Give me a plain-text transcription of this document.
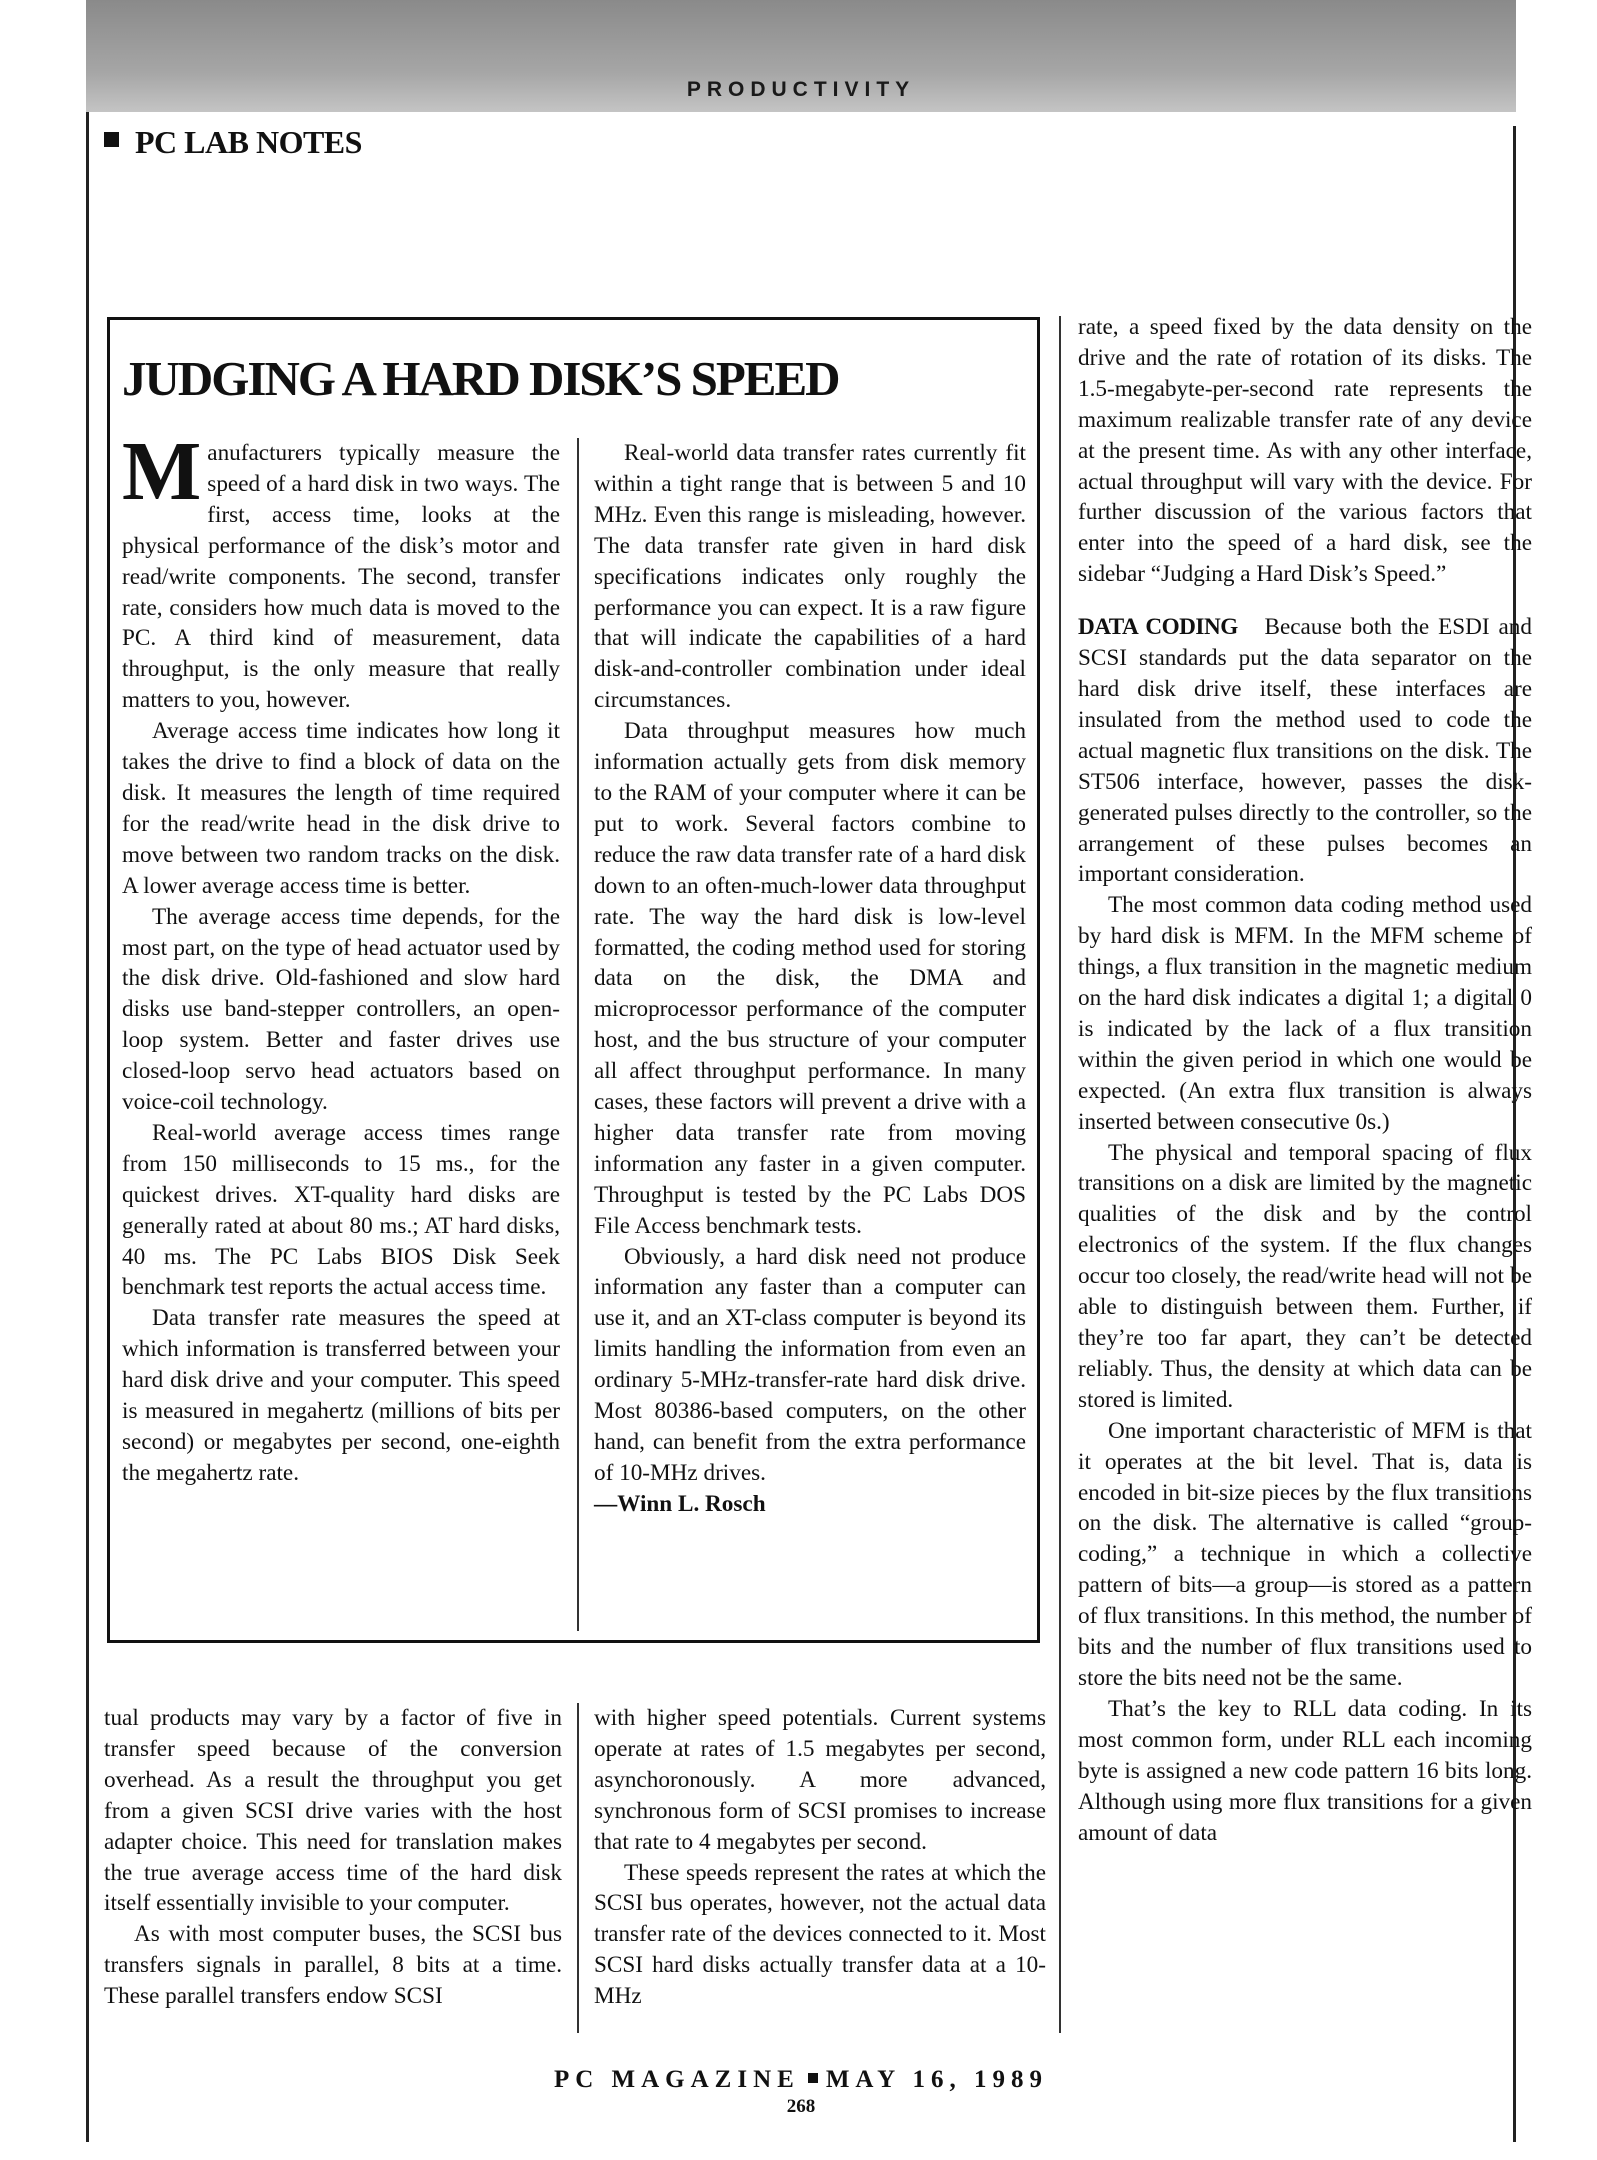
PRODUCTIVITY
PC LAB NOTES
JUDGING A HARD DISK’S SPEED

Manufacturers typically measure the speed of a hard disk in two ways. The first, access time, looks at the physical performance of the disk’s motor and read/write components. The second, transfer rate, considers how much data is moved to the PC. A third kind of measurement, data throughput, is the only measure that really matters to you, however.

Average access time indicates how long it takes the drive to find a block of data on the disk. It measures the length of time required for the read/write head in the disk drive to move between two random tracks on the disk. A lower average access time is better.

The average access time depends, for the most part, on the type of head actuator used by the disk drive. Old-fashioned and slow hard disks use band-stepper controllers, an open-loop system. Better and faster drives use closed-loop servo head actuators based on voice-coil technology.

Real-world average access times range from 150 milliseconds to 15 ms., for the quickest drives. XT-quality hard disks are generally rated at about 80 ms.; AT hard disks, 40 ms. The PC Labs BIOS Disk Seek benchmark test reports the actual access time.

Data transfer rate measures the speed at which information is transferred between your hard disk drive and your computer. This speed is measured in megahertz (millions of bits per second) or megabytes per second, one-eighth the megahertz rate.

Real-world data transfer rates currently fit within a tight range that is between 5 and 10 MHz. Even this range is misleading, however. The data transfer rate given in hard disk specifications indicates only roughly the performance you can expect. It is a raw figure that will indicate the capabilities of a hard disk-and-controller combination under ideal circumstances.

Data throughput measures how much information actually gets from disk memory to the RAM of your computer where it can be put to work. Several factors combine to reduce the raw data transfer rate of a hard disk down to an often-much-lower data throughput rate. The way the hard disk is low-level formatted, the coding method used for storing data on the disk, the DMA and microprocessor performance of the computer host, and the bus structure of your computer all affect throughput performance. In many cases, these factors will prevent a drive with a higher data transfer rate from moving information any faster in a given computer. Throughput is tested by the PC Labs DOS File Access benchmark tests.

Obviously, a hard disk need not produce information any faster than a computer can use it, and an XT-class computer is beyond its limits handling the information from even an ordinary 5-MHz-transfer-rate hard disk drive. Most 80386-based computers, on the other hand, can benefit from the extra performance of 10-MHz drives.

—Winn L. Rosch

tual products may vary by a factor of five in transfer speed because of the conversion overhead. As a result the throughput you get from a given SCSI drive varies with the host adapter choice. This need for translation makes the true average access time of the hard disk itself essentially invisible to your computer.

As with most computer buses, the SCSI bus transfers signals in parallel, 8 bits at a time. These parallel transfers endow SCSI

with higher speed potentials. Current systems operate at rates of 1.5 megabytes per second, asynchoronously. A more advanced, synchronous form of SCSI promises to increase that rate to 4 megabytes per second.

These speeds represent the rates at which the SCSI bus operates, however, not the actual data transfer rate of the devices connected to it. Most SCSI hard disks actually transfer data at a 10-MHz

rate, a speed fixed by the data density on the drive and the rate of rotation of its disks. The 1.5-megabyte-per-second rate represents the maximum realizable transfer rate of any device at the present time. As with any other interface, actual throughput will vary with the device. For further discussion of the various factors that enter into the speed of a hard disk, see the sidebar “Judging a Hard Disk’s Speed.”

DATA CODING Because both the ESDI and SCSI standards put the data separator on the hard disk drive itself, these interfaces are insulated from the method used to code the actual magnetic flux transitions on the disk. The ST506 interface, however, passes the disk-generated pulses directly to the controller, so the arrangement of these pulses becomes an important consideration.

The most common data coding method used by hard disk is MFM. In the MFM scheme of things, a flux transition in the magnetic medium on the hard disk indicates a digital 1; a digital 0 is indicated by the lack of a flux transition within the given period in which one would be expected. (An extra flux transition is always inserted between consecutive 0s.)

The physical and temporal spacing of flux transitions on a disk are limited by the magnetic qualities of the disk and by the control electronics of the system. If the flux changes occur too closely, the read/write head will not be able to distinguish between them. Further, if they’re too far apart, they can’t be detected reliably. Thus, the density at which data can be stored is limited.

One important characteristic of MFM is that it operates at the bit level. That is, data is encoded in bit-size pieces by the flux transitions on the disk. The alternative is called “group-coding,” a technique in which a collective pattern of bits—a group—is stored as a pattern of flux transitions. In this method, the number of bits and the number of flux transitions used to store the bits need not be the same.

That’s the key to RLL data coding. In its most common form, under RLL each incoming byte is assigned a new code pattern 16 bits long. Although using more flux transitions for a given amount of data

PC MAGAZINE MAY 16, 1989
268
